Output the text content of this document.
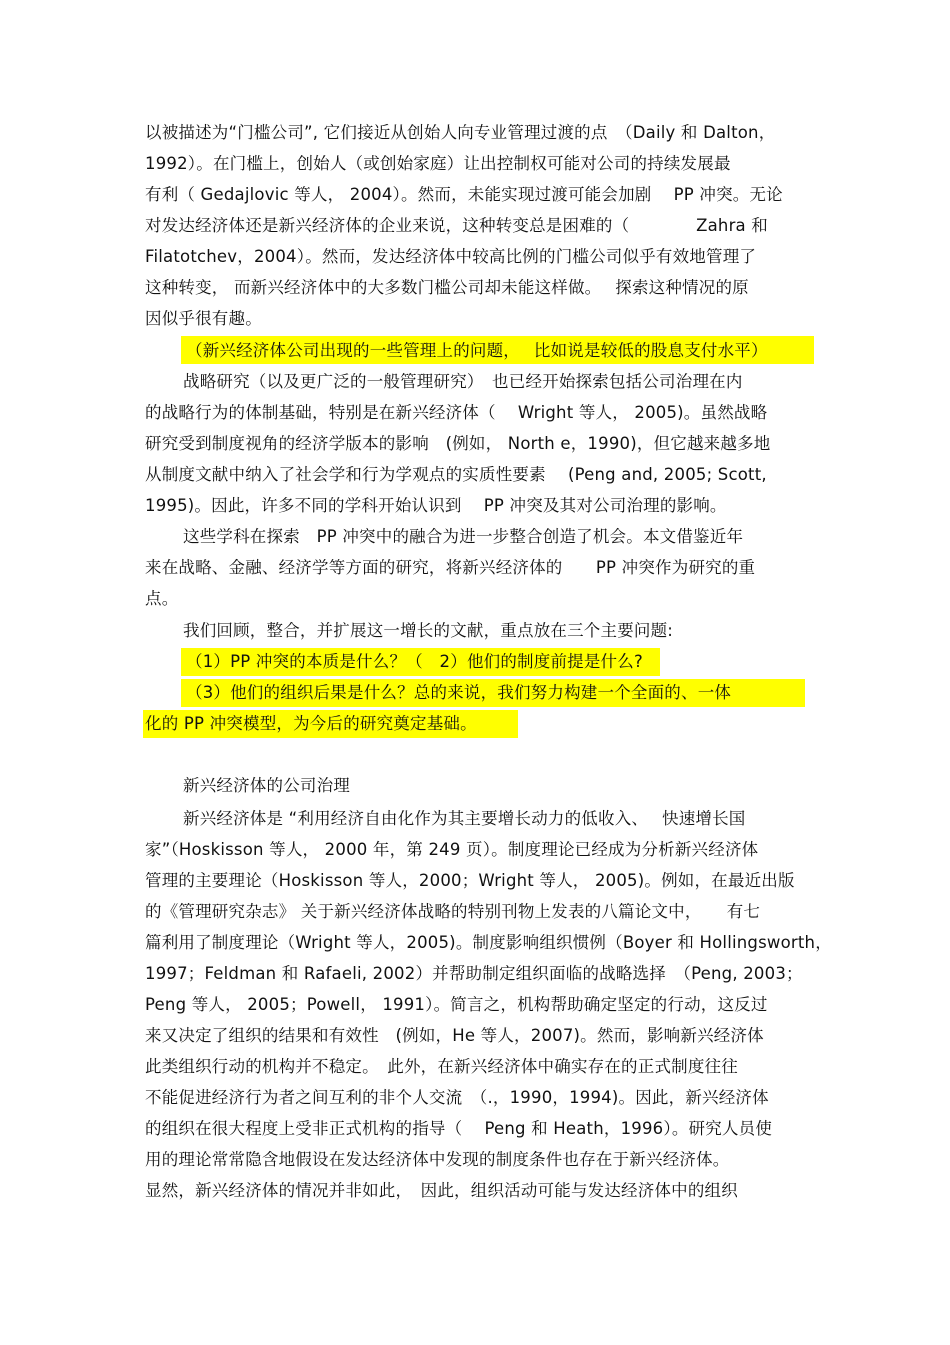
以被描述为“门槛公司”, 它们接近从创始人向专业管理过渡的点　（Daily 和 Dalton，
1992）。在门槛上，创始人（或创始家庭）让出控制权可能对公司的持续发展最
有利（ Gedajlovic 等人， 2004）。然而，未能实现过渡可能会加剧　 PP 冲突。无论
对发达经济体还是新兴经济体的企业来说，这种转变总是困难的（　　　　Zahra 和
Filatotchev，2004）。然而，发达经济体中较高比例的门槛公司似乎有效地管理了
这种转变， 而新兴经济体中的大多数门槛公司却未能这样做。　 探索这种情况的原
因似乎很有趣。
（新兴经济体公司出现的一些管理上的问题，　 比如说是较低的股息支付水平）
战略研究（以及更广泛的一般管理研究）　也已经开始探索包括公司治理在内
的战略行为的体制基础，特别是在新兴经济体（　 Wright 等人， 2005)。虽然战略
研究受到制度视角的经济学版本的影响　(例如， North e，1990)，但它越来越多地
从制度文献中纳入了社会学和行为学观点的实质性要素　 (Peng and, 2005; Scott,
1995)。因此，许多不同的学科开始认识到　 PP 冲突及其对公司治理的影响。
这些学科在探索　PP 冲突中的融合为进一步整合创造了机会。本文借鉴近年
来在战略、金融、经济学等方面的研究，将新兴经济体的　　PP 冲突作为研究的重
点。
我们回顾，整合，并扩展这一增长的文献，重点放在三个主要问题:
（1）PP 冲突的本质是什么？（　2）他们的制度前提是什么?
（3）他们的组织后果是什么？总的来说，我们努力构建一个全面的、一体
化的 PP 冲突模型，为今后的研究奠定基础。
新兴经济体的公司治理
新兴经济体是 “利用经济自由化作为其主要增长动力的低收入、　 快速增长国
家”（Hoskisson 等人， 2000 年，第 249 页）。制度理论已经成为分析新兴经济体
管理的主要理论（Hoskisson 等人，2000；Wright 等人， 2005)。例如，在最近出版
的《管理研究杂志》 关于新兴经济体战略的特别刊物上发表的八篇论文中，　　有七
篇利用了制度理论（Wright 等人，2005)。制度影响组织惯例（Boyer 和 Hollingsworth，
1997；Feldman 和 Rafaeli, 2002）并帮助制定组织面临的战略选择　（Peng, 2003；
Peng 等人， 2005；Powell， 1991）。简言之，机构帮助确定坚定的行动，这反过
来又决定了组织的结果和有效性　(例如，He 等人，2007)。然而，影响新兴经济体
此类组织行动的机构并不稳定。　此外，在新兴经济体中确实存在的正式制度往往
不能促进经济行为者之间互利的非个人交流　（.，1990，1994)。因此，新兴经济体
的组织在很大程度上受非正式机构的指导（　 Peng 和 Heath，1996）。研究人员使
用的理论常常隐含地假设在发达经济体中发现的制度条件也存在于新兴经济体。
显然，新兴经济体的情况并非如此，　因此，组织活动可能与发达经济体中的组织
